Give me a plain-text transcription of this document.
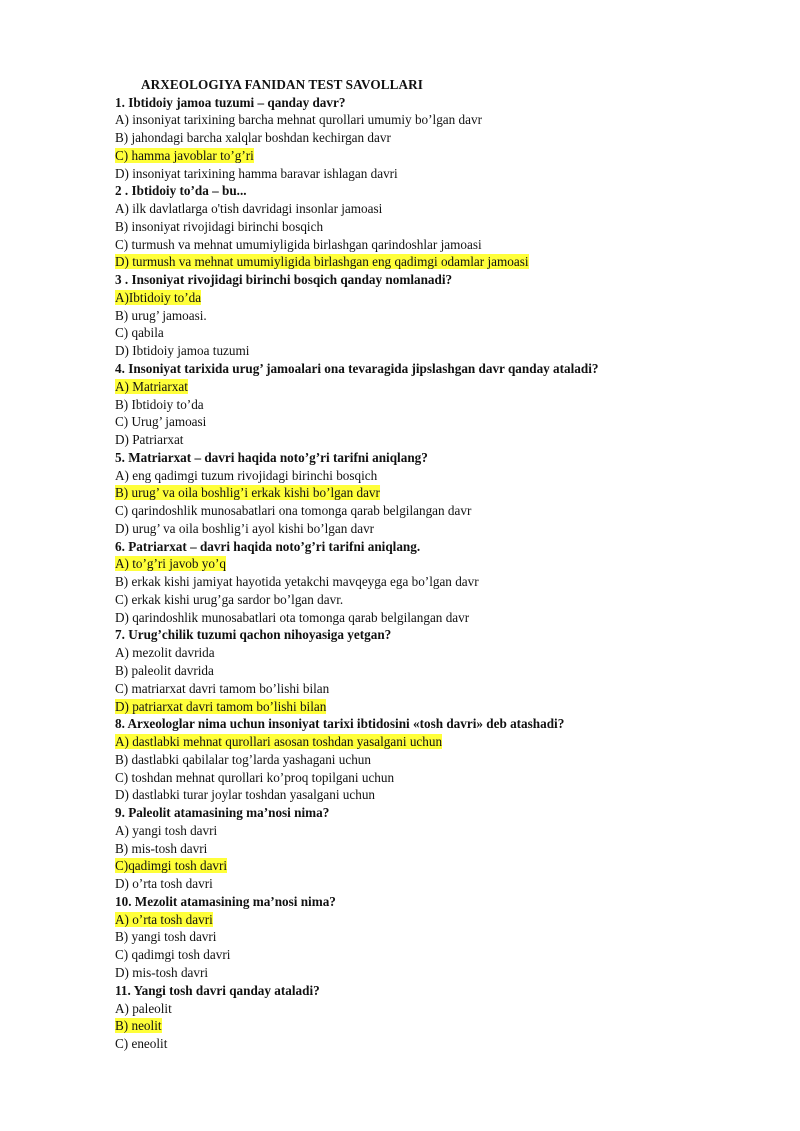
ARXEOLOGIYA FANIDAN TEST SAVOLLARI
1. Ibtidoiy jamoa tuzumi – qanday davr?
A) insoniyat tarixining barcha mehnat qurollari umumiy bo’lgan davr
B) jahondagi barcha xalqlar boshdan kechirgan davr
C) hamma javoblar to’g’ri
D) insoniyat tarixining hamma baravar ishlagan davri
2 . Ibtidoiy to’da – bu...
A) ilk davlatlarga o'tish davridagi insonlar jamoasi
B) insoniyat rivojidagi birinchi bosqich
C) turmush va mehnat umumiyligida birlashgan qarindoshlar jamoasi
D) turmush va mehnat umumiyligida birlashgan eng qadimgi odamlar jamoasi
3 . Insoniyat rivojidagi birinchi bosqich qanday nomlanadi?
A)Ibtidoiy to’da
B) urug’ jamoasi.
C) qabila
D) Ibtidoiy jamoa tuzumi
4. Insoniyat tarixida urug’ jamoalari ona tevaragida jipslashgan davr qanday ataladi?
A) Matriarxat
B) Ibtidoiy to’da
C) Urug’ jamoasi
D) Patriarxat
5. Matriarxat – davri haqida noto’g’ri tarifni aniqlang?
A) eng qadimgi tuzum rivojidagi birinchi bosqich
B) urug’ va oila boshlig’i erkak kishi bo’lgan davr
C) qarindoshlik munosabatlari ona tomonga qarab belgilangan davr
D) urug’ va oila boshlig’i ayol kishi bo’lgan davr
6. Patriarxat – davri haqida noto’g’ri tarifni aniqlang.
A) to’g’ri javob yo’q
B) erkak kishi jamiyat hayotida yetakchi mavqeyga ega bo’lgan davr
C) erkak kishi urug’ga sardor bo’lgan davr.
D) qarindoshlik munosabatlari ota tomonga qarab belgilangan davr
7. Urug’chilik tuzumi qachon nihoyasiga yetgan?
A) mezolit davrida
B) paleolit davrida
C) matriarxat davri tamom bo’lishi bilan
D) patriarxat davri tamom bo’lishi bilan
8. Arxeologlar nima uchun insoniyat tarixi ibtidosini «tosh davri» deb atashadi?
A) dastlabki mehnat qurollari asosan toshdan yasalgani uchun
B) dastlabki qabilalar tog’larda yashagani uchun
C) toshdan mehnat qurollari ko’proq topilgani uchun
D) dastlabki turar joylar toshdan yasalgani uchun
9. Paleolit atamasining ma’nosi nima?
A) yangi tosh davri
B) mis-tosh davri
C)qadimgi tosh davri
D) o’rta tosh davri
10. Mezolit atamasining ma’nosi nima?
A) o’rta tosh davri
B) yangi tosh davri
C) qadimgi tosh davri
D) mis-tosh davri
11. Yangi tosh davri qanday ataladi?
A) paleolit
B) neolit
C) eneolit
